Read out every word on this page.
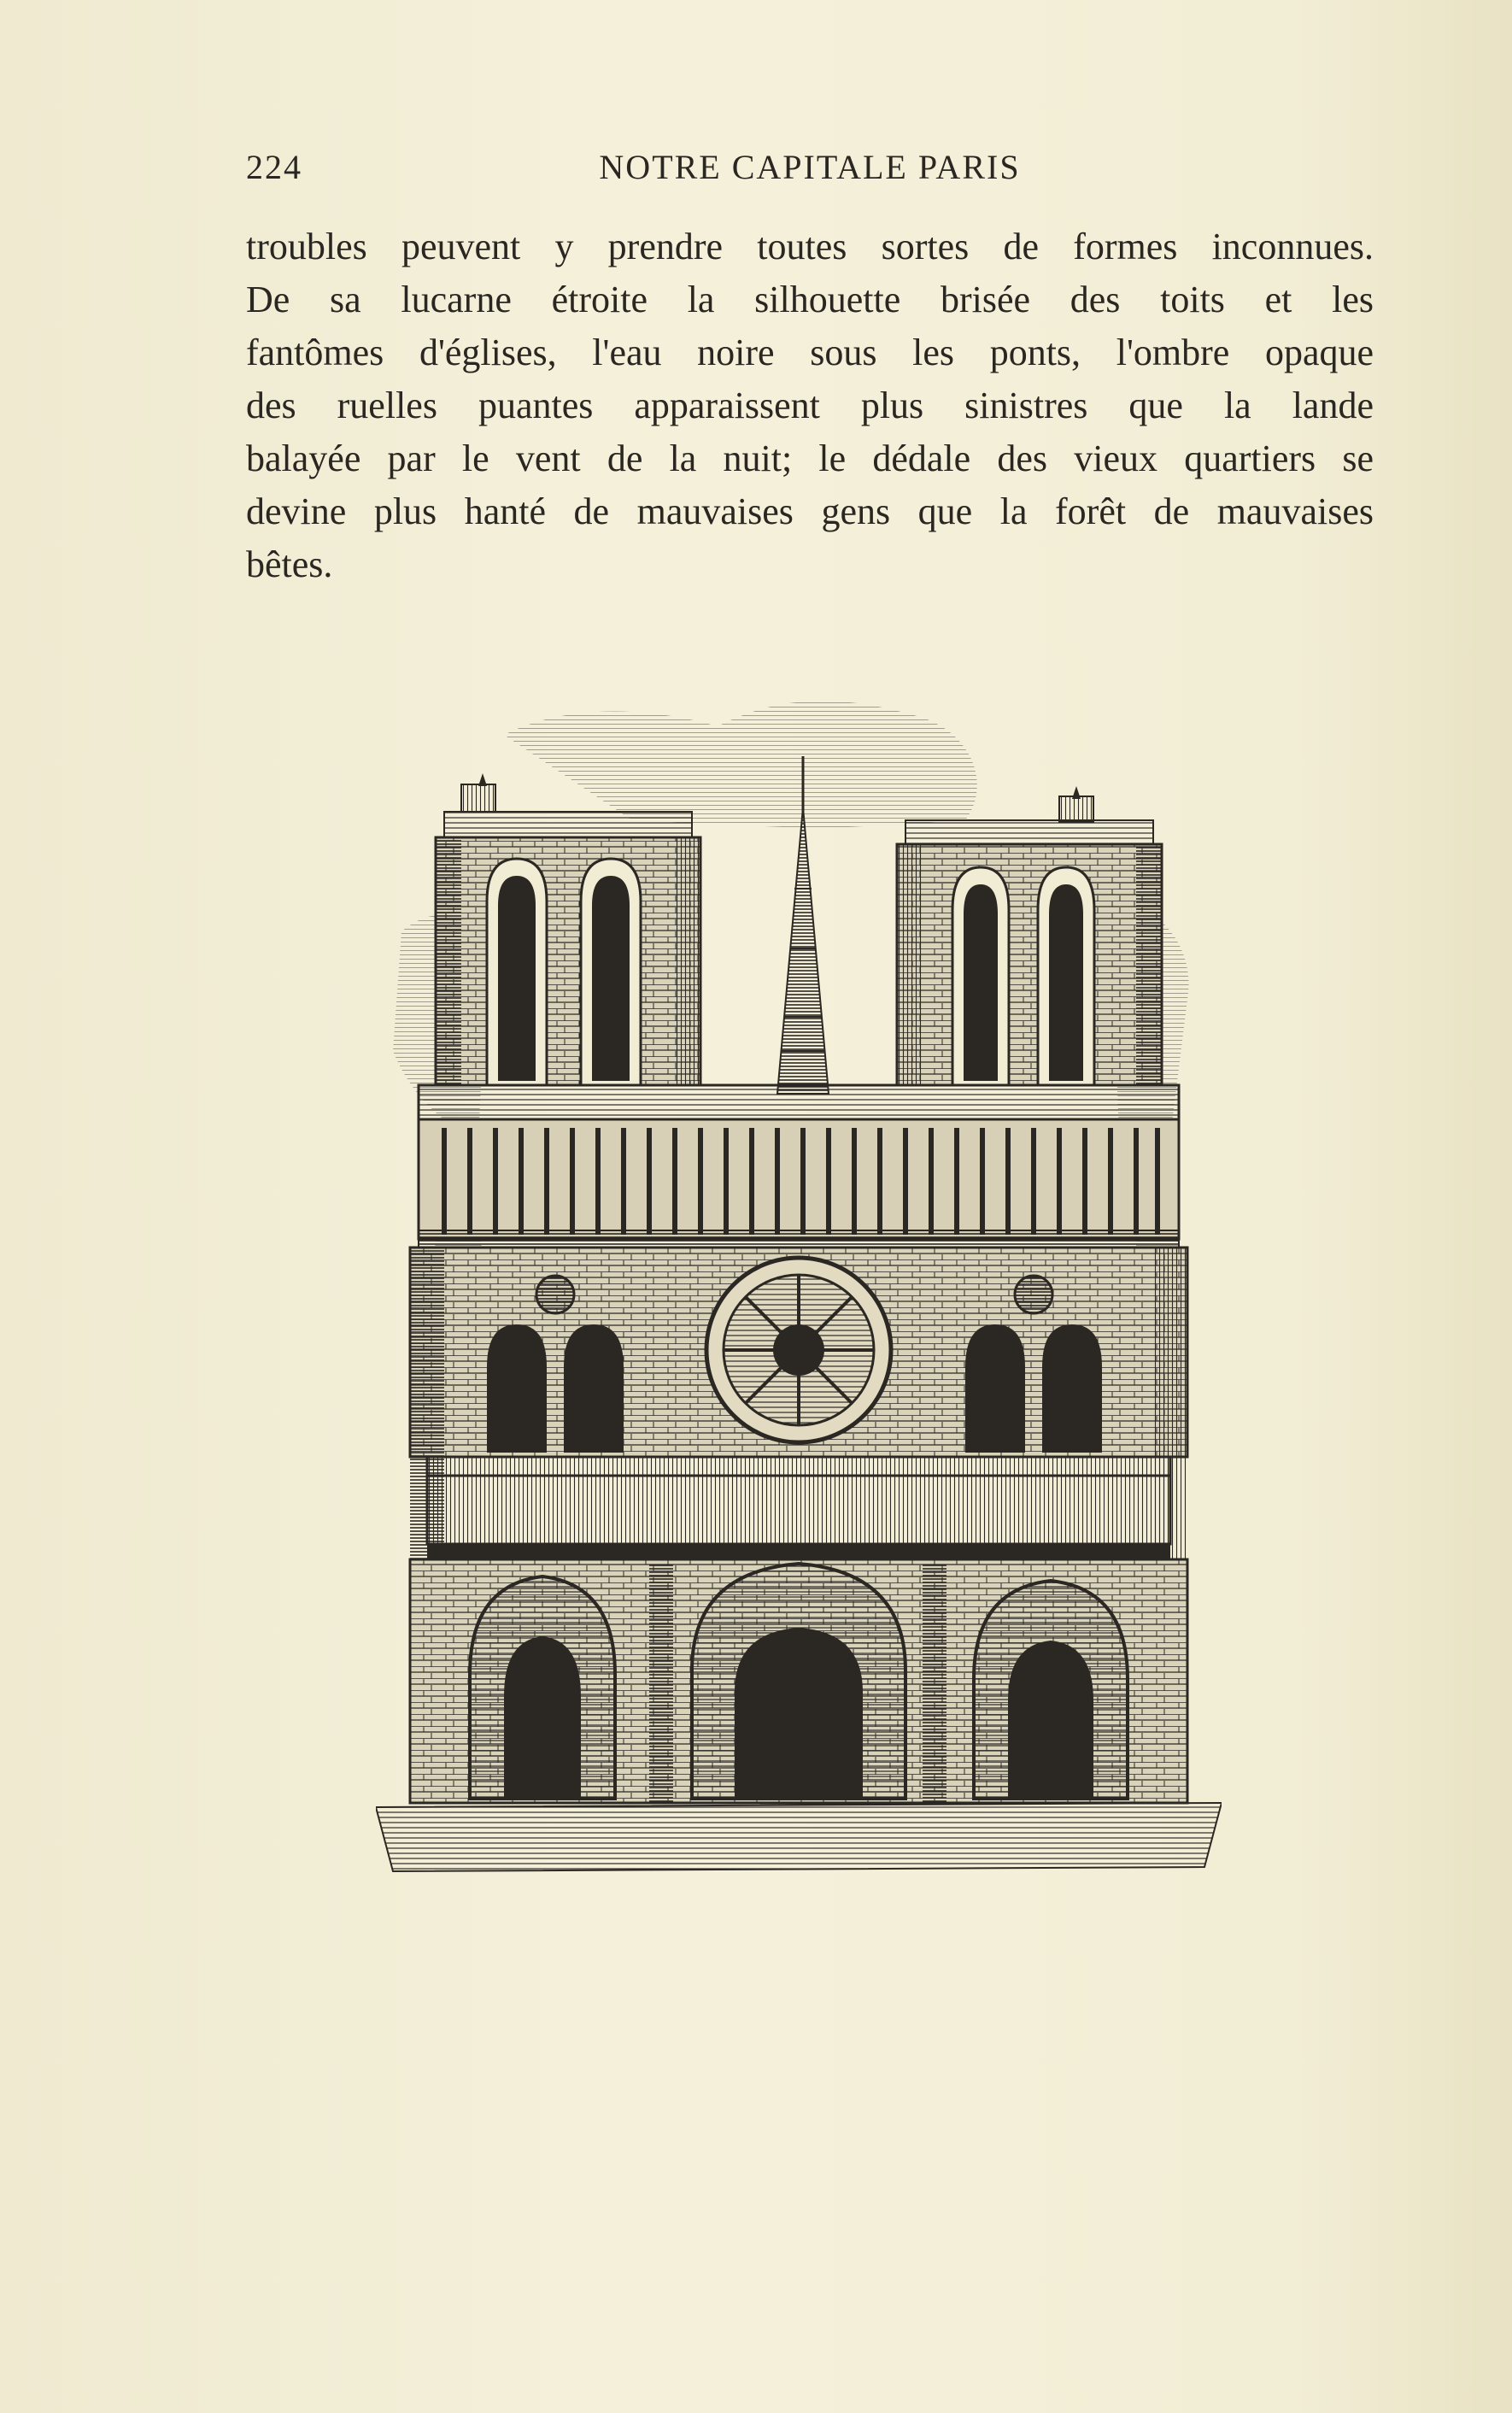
224	NOTRE CAPITALE PARIS
troubles peuvent y prendre toutes sortes de formes inconnues.
De sa lucarne étroite la silhouette brisée des toits et les
fantômes d'églises, l'eau noire sous les ponts, l'ombre opaque
des ruelles puantes apparaissent plus sinistres que la lande
balayée par le vent de la nuit; le dédale des vieux quartiers se
devine plus hanté de mauvaises gens que la forêt de mauvaises
bêtes.
